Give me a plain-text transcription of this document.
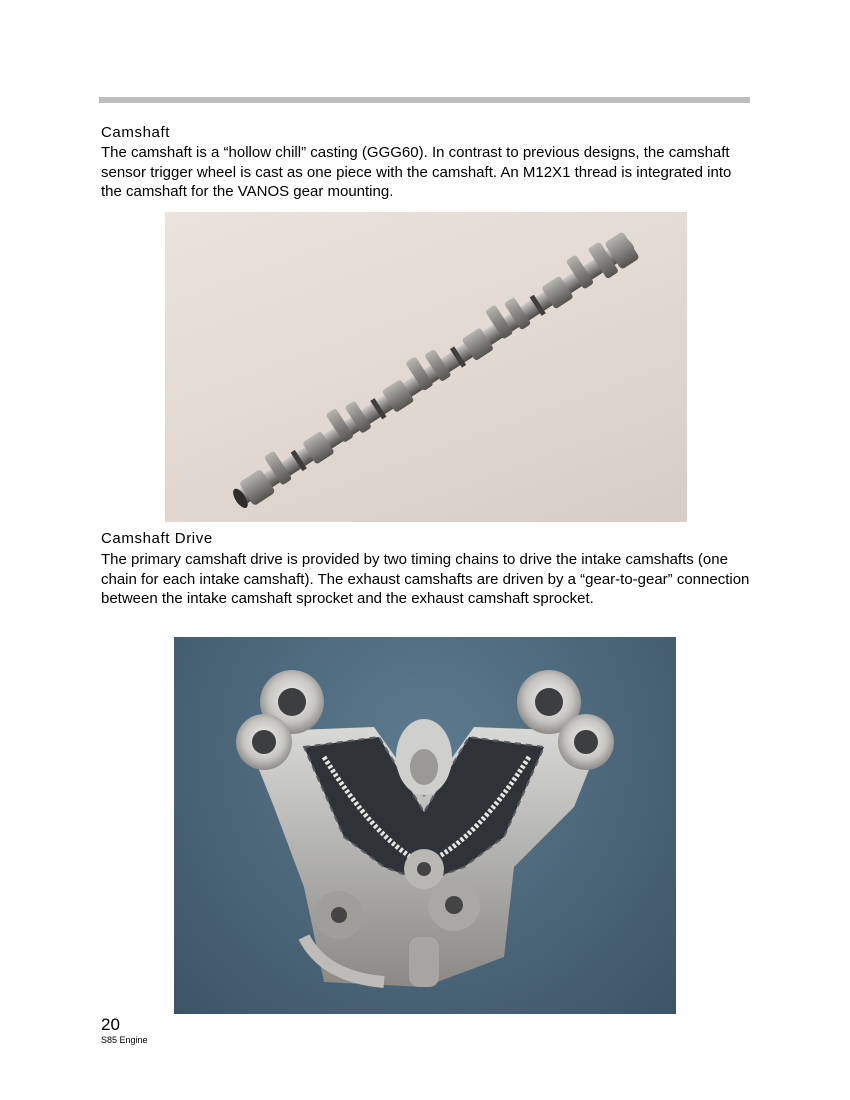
Camshaft
The camshaft is a “hollow chill” casting (GGG60). In contrast to previous designs, the camshaft sensor trigger wheel is cast as one piece with the camshaft. An M12X1 thread is integrated into the camshaft for the VANOS gear mounting.
Camshaft Drive
The primary camshaft drive is provided by two timing chains to drive the intake camshafts (one chain for each intake camshaft). The exhaust camshafts are driven by a “gear-to-gear” connection between the intake camshaft sprocket and the exhaust camshaft sprocket.
20
S85 Engine
